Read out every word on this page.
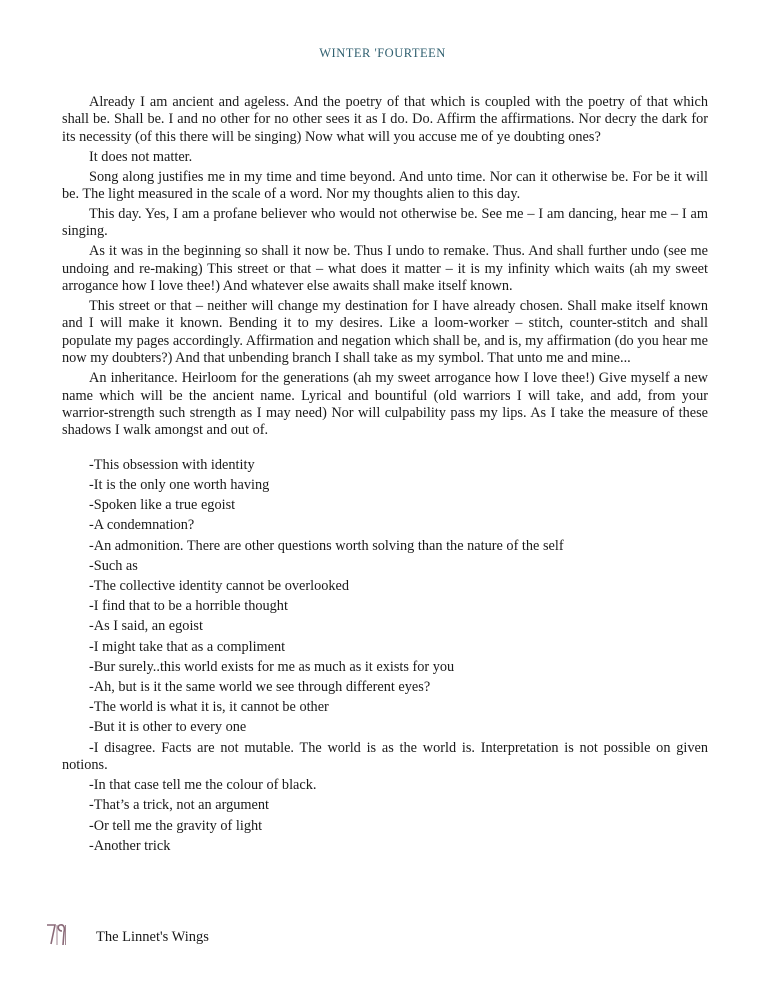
WINTER 'FOURTEEN

Already I am ancient and ageless. And the poetry of that which is coupled with the poetry of that which shall be. Shall be. I and no other for no other sees it as I do. Do. Affirm the affirmations. Nor decry the dark for its necessity (of this there will be singing) Now what will you accuse me of ye doubting ones?

It does not matter.

Song along justifies me in my time and time beyond. And unto time. Nor can it otherwise be. For be it will be. The light measured in the scale of a word. Nor my thoughts alien to this day.

This day. Yes, I am a profane believer who would not otherwise be. See me – I am dancing, hear me – I am singing.

As it was in the beginning so shall it now be. Thus I undo to remake. Thus. And shall further undo (see me undoing and re-making) This street or that – what does it matter – it is my infinity which waits (ah my sweet arrogance how I love thee!) And whatever else awaits shall make itself known.

This street or that – neither will change my destination for I have already chosen. Shall make itself known and I will make it known. Bending it to my desires. Like a loom-worker – stitch, counter-stitch and shall populate my pages accordingly. Affirmation and negation which shall be, and is, my affirmation (do you hear me now my doubters?) And that unbending branch I shall take as my symbol. That unto me and mine...

An inheritance. Heirloom for the generations (ah my sweet arrogance how I love thee!) Give myself a new name which will be the ancient name. Lyrical and bountiful (old warriors I will take, and add, from your warrior-strength such strength as I may need) Nor will culpability pass my lips. As I take the measure of these shadows I walk amongst and out of.

-This obsession with identity

-It is the only one worth having

-Spoken like a true egoist

-A condemnation?

-An admonition. There are other questions worth solving than the nature of the self

-Such as

-The collective identity cannot be overlooked

-I find that to be a horrible thought

-As I said, an egoist

-I might take that as a compliment

-Bur surely..this world exists for me as much as it exists for you

-Ah, but is it the same world we see through different eyes?

-The world is what it is, it cannot be other

-But it is other to every one

-I disagree. Facts are not mutable. The world is as the world is. Interpretation is not possible on given notions.

-In that case tell me the colour of black.

-That’s a trick, not an argument

-Or tell me the gravity of light

-Another trick

The Linnet's Wings
